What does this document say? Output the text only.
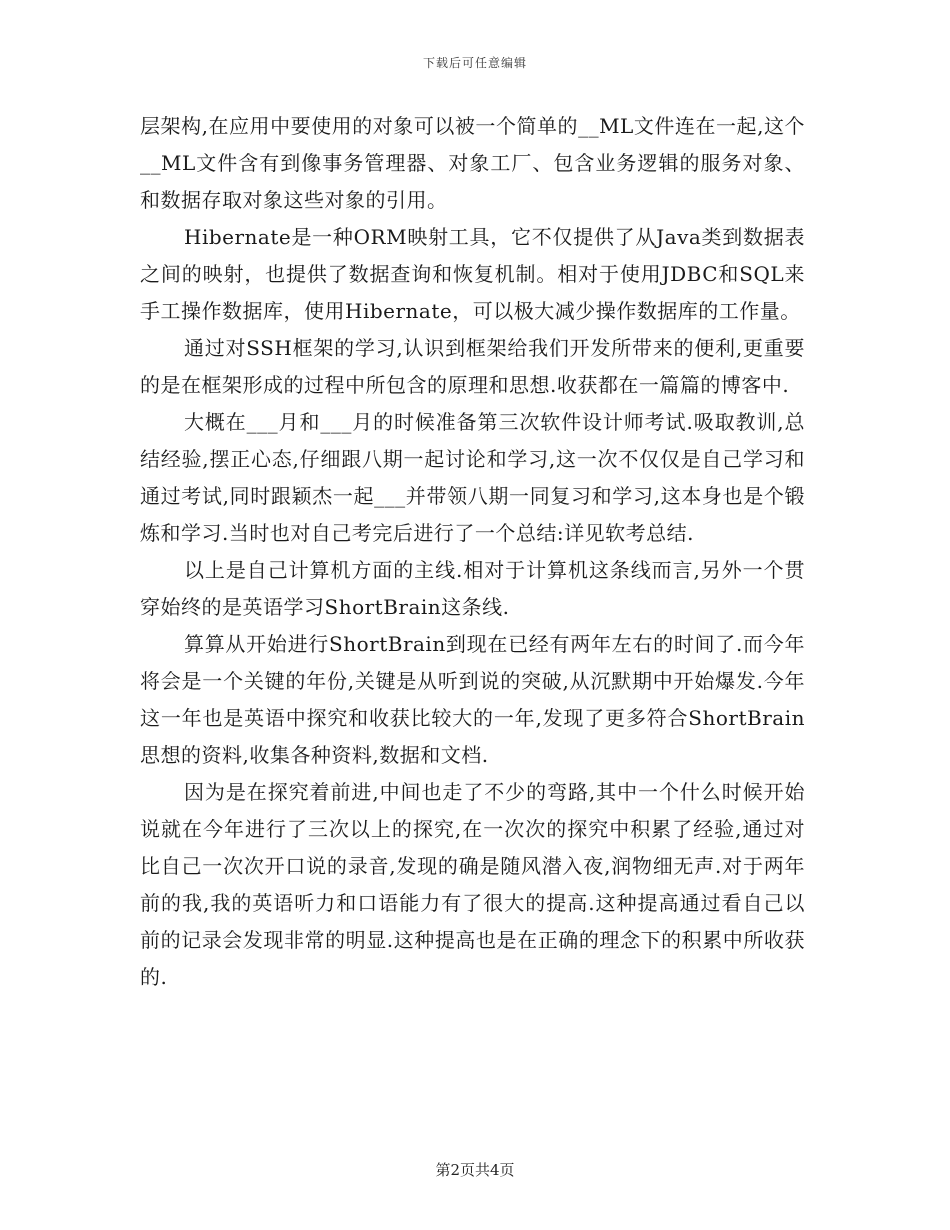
下载后可任意编辑

层架构,在应用中要使用的对象可以被一个简单的__ML文件连在一起,这个__ML文件含有到像事务管理器、对象工厂、包含业务逻辑的服务对象、和数据存取对象这些对象的引用。

Hibernate是一种ORM映射工具，它不仅提供了从Java类到数据表之间的映射，也提供了数据查询和恢复机制。相对于使用JDBC和SQL来手工操作数据库，使用Hibernate，可以极大减少操作数据库的工作量。

通过对SSH框架的学习,认识到框架给我们开发所带来的便利,更重要的是在框架形成的过程中所包含的原理和思想.收获都在一篇篇的博客中.

大概在___月和___月的时候准备第三次软件设计师考试.吸取教训,总结经验,摆正心态,仔细跟八期一起讨论和学习,这一次不仅仅是自己学习和通过考试,同时跟颖杰一起___并带领八期一同复习和学习,这本身也是个锻炼和学习.当时也对自己考完后进行了一个总结:详见软考总结.

以上是自己计算机方面的主线.相对于计算机这条线而言,另外一个贯穿始终的是英语学习ShortBrain这条线.

算算从开始进行ShortBrain到现在已经有两年左右的时间了.而今年将会是一个关键的年份,关键是从听到说的突破,从沉默期中开始爆发.今年这一年也是英语中探究和收获比较大的一年,发现了更多符合ShortBrain思想的资料,收集各种资料,数据和文档.

因为是在探究着前进,中间也走了不少的弯路,其中一个什么时候开始说就在今年进行了三次以上的探究,在一次次的探究中积累了经验,通过对比自己一次次开口说的录音,发现的确是随风潜入夜,润物细无声.对于两年前的我,我的英语听力和口语能力有了很大的提高.这种提高通过看自己以前的记录会发现非常的明显.这种提高也是在正确的理念下的积累中所收获的.

第2页共4页
